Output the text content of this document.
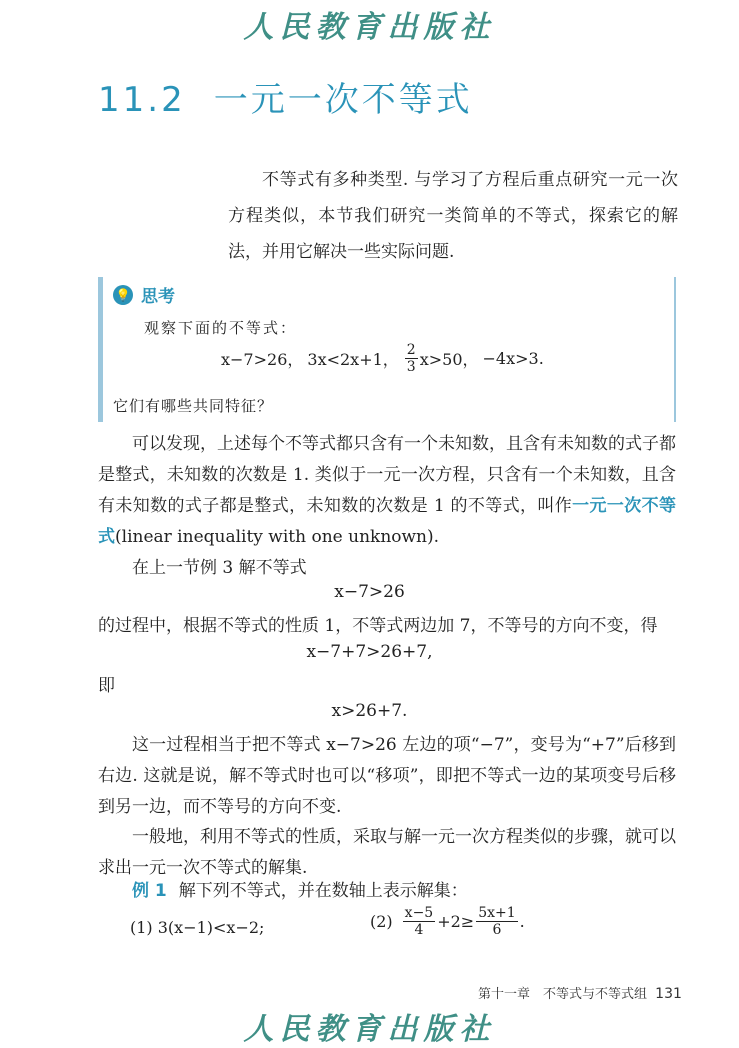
人民教育出版社
11.2 一元一次不等式
不等式有多种类型. 与学习了方程后重点研究一元一次方程类似，本节我们研究一类简单的不等式，探索它的解法，并用它解决一些实际问题.
💡 思考
观察下面的不等式：
x−7>26， 3x<2x+1， $\frac{2}{3} x>50$， −4x>3.
它们有哪些共同特征？
可以发现，上述每个不等式都只含有一个未知数，且含有未知数的式子都是整式，未知数的次数是 1. 类似于一元一次方程，只含有一个未知数，且含有未知数的式子都是整式，未知数的次数是 1 的不等式，叫作一元一次不等式(linear inequality with one unknown).
在上一节例 3 解不等式
x−7>26
的过程中，根据不等式的性质 1，不等式两边加 7，不等号的方向不变，得
x−7+7>26+7,
即
x>26+7.
这一过程相当于把不等式 x−7>26 左边的项“−7”，变号为“+7”后移到右边. 这就是说，解不等式时也可以“移项”，即把不等式一边的某项变号后移到另一边，而不等号的方向不变.
一般地，利用不等式的性质，采取与解一元一次方程类似的步骤，就可以求出一元一次不等式的解集.
例 1 解下列不等式，并在数轴上表示解集：
(1) 3(x−1)<x−2;	$(2) \frac{x-5}{4} +2\ge \frac{5x+1}{6}$ .
第十一章　不等式与不等式组 131
人民教育出版社
